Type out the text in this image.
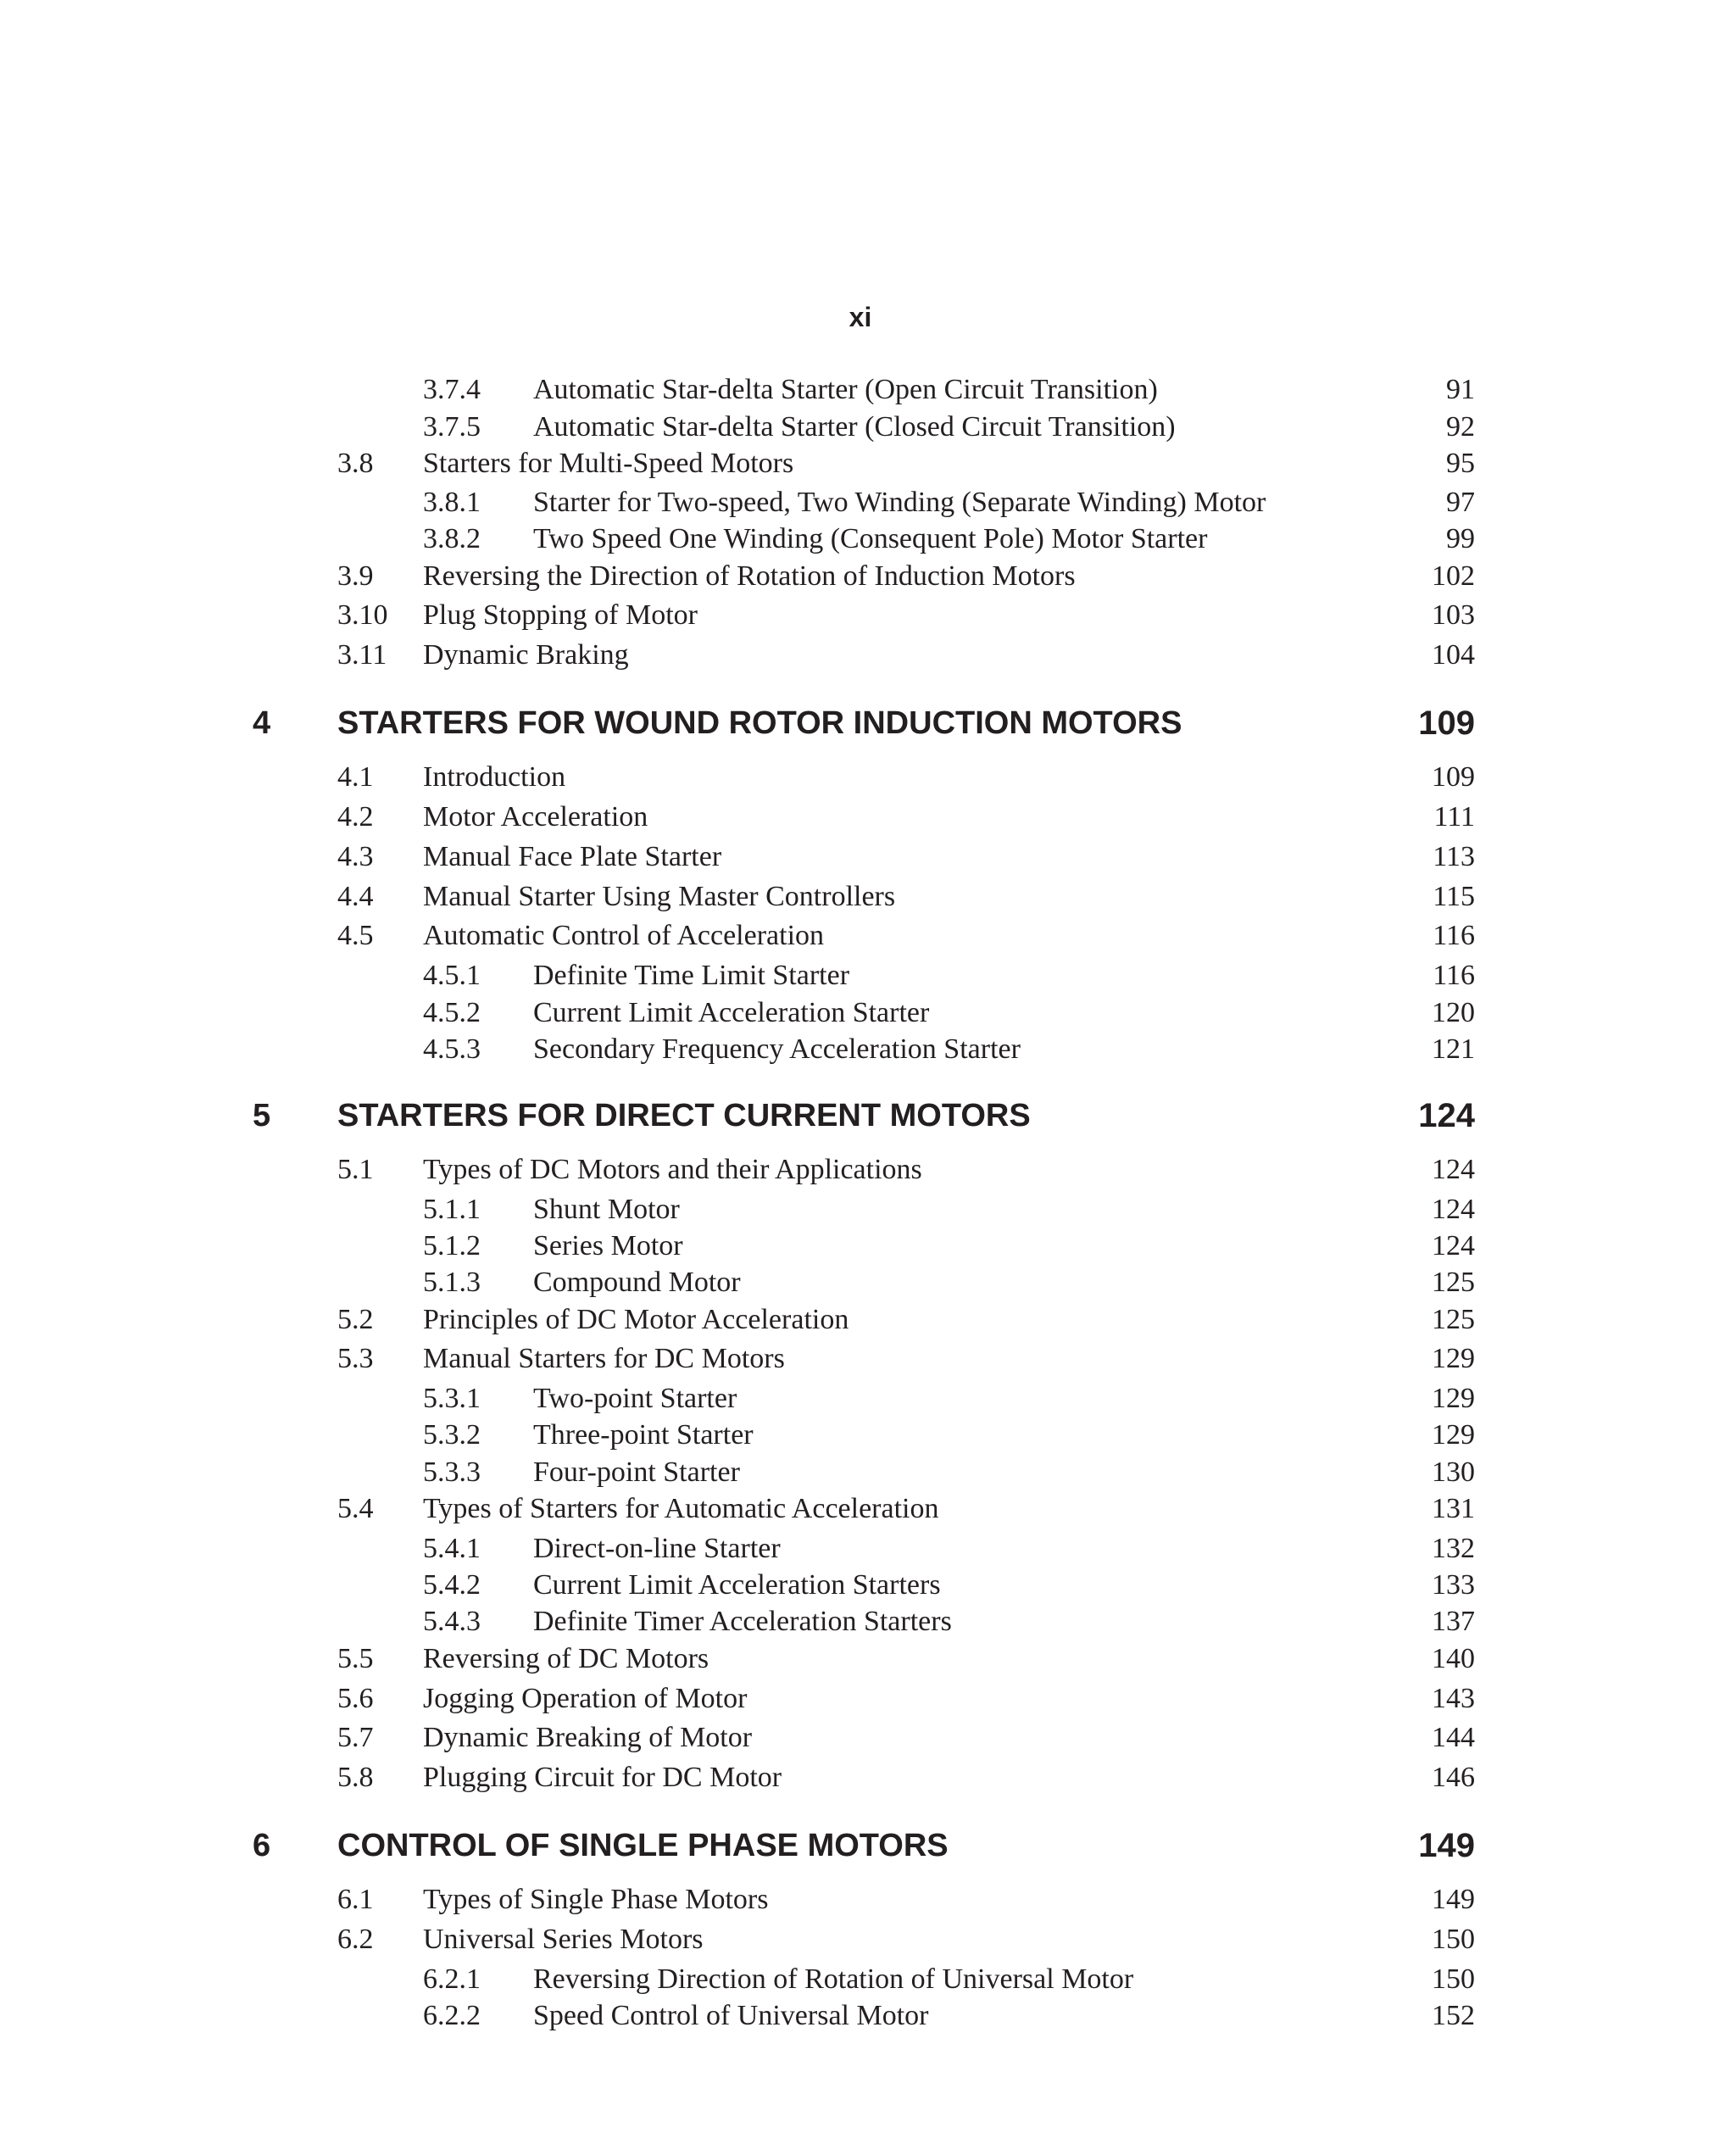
xi
3.7.4 Automatic Star-delta Starter (Open Circuit Transition)	91
3.7.5 Automatic Star-delta Starter (Closed Circuit Transition)	92
3.8 Starters for Multi-Speed Motors	95
3.8.1 Starter for Two-speed, Two Winding (Separate Winding) Motor	97
3.8.2 Two Speed One Winding (Consequent Pole) Motor Starter	99
3.9 Reversing the Direction of Rotation of Induction Motors	102
3.10 Plug Stopping of Motor	103
3.11 Dynamic Braking	104
4 STARTERS FOR WOUND ROTOR INDUCTION MOTORS	109
4.1 Introduction	109
4.2 Motor Acceleration	111
4.3 Manual Face Plate Starter	113
4.4 Manual Starter Using Master Controllers	115
4.5 Automatic Control of Acceleration	116
4.5.1 Definite Time Limit Starter	116
4.5.2 Current Limit Acceleration Starter	120
4.5.3 Secondary Frequency Acceleration Starter	121
5 STARTERS FOR DIRECT CURRENT MOTORS	124
5.1 Types of DC Motors and their Applications	124
5.1.1 Shunt Motor	124
5.1.2 Series Motor	124
5.1.3 Compound Motor	125
5.2 Principles of DC Motor Acceleration	125
5.3 Manual Starters for DC Motors	129
5.3.1 Two-point Starter	129
5.3.2 Three-point Starter	129
5.3.3 Four-point Starter	130
5.4 Types of Starters for Automatic Acceleration	131
5.4.1 Direct-on-line Starter	132
5.4.2 Current Limit Acceleration Starters	133
5.4.3 Definite Timer Acceleration Starters	137
5.5 Reversing of DC Motors	140
5.6 Jogging Operation of Motor	143
5.7 Dynamic Breaking of Motor	144
5.8 Plugging Circuit for DC Motor	146
6 CONTROL OF SINGLE PHASE MOTORS	149
6.1 Types of Single Phase Motors	149
6.2 Universal Series Motors	150
6.2.1 Reversing Direction of Rotation of Universal Motor	150
6.2.2 Speed Control of Universal Motor	152
